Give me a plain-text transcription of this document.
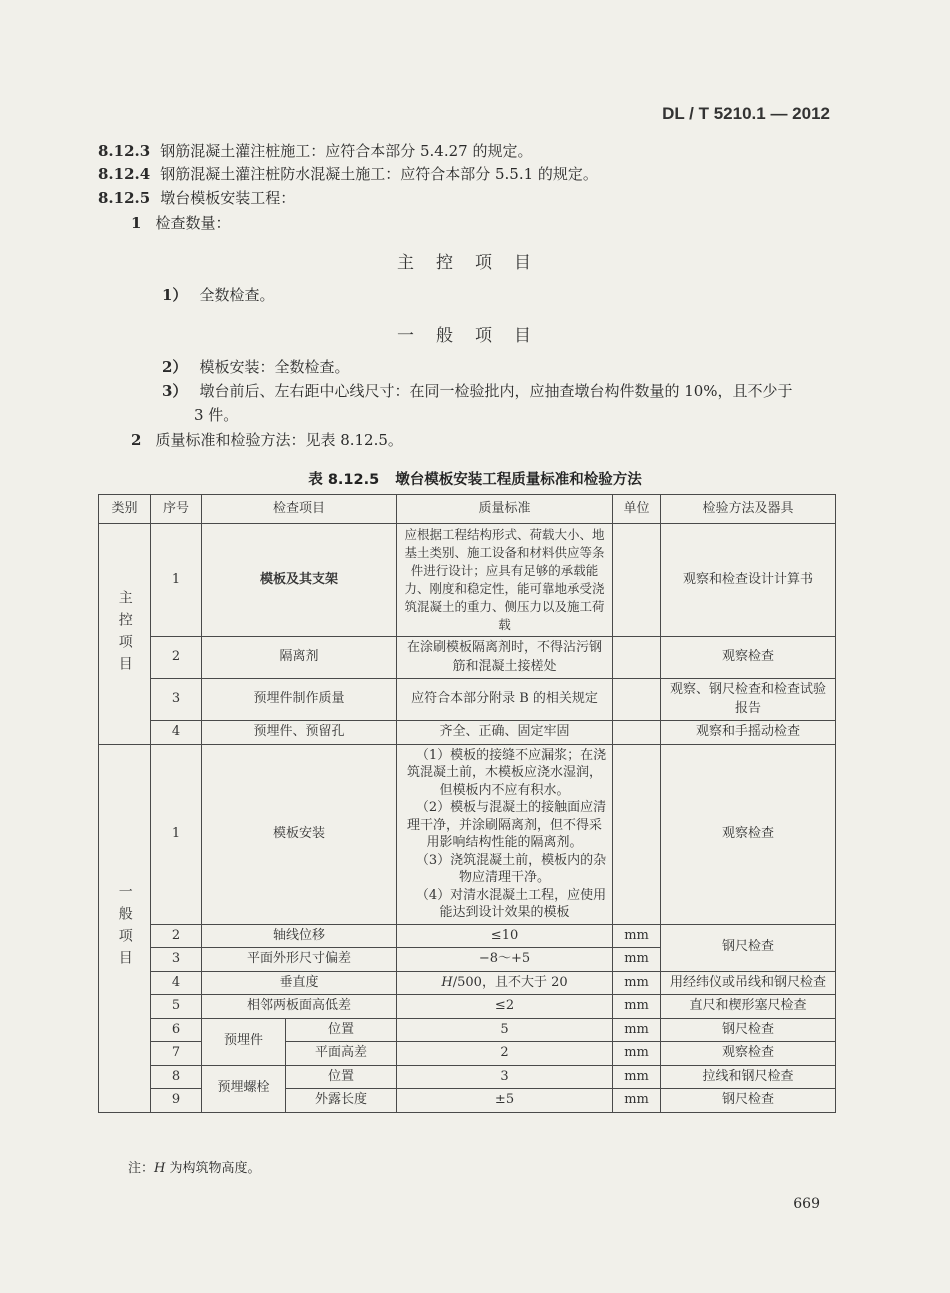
DL / T 5210.1 — 2012
8.12.3 钢筋混凝土灌注桩施工：应符合本部分 5.4.27 的规定。
8.12.4 钢筋混凝土灌注桩防水混凝土施工：应符合本部分 5.5.1 的规定。
8.12.5 墩台模板安装工程：
1 检查数量：
主控项目
1） 全数检查。
一般项目
2） 模板安装：全数检查。
3） 墩台前后、左右距中心线尺寸：在同一检验批内，应抽查墩台构件数量的 10%，且不少于
3 件。
2 质量标准和检验方法：见表 8.12.5。
表 8.12.5 墩台模板安装工程质量标准和检验方法
类别	序号	检查项目		质量标准	单位	检验方法及器具
主控项目	1	模板及其支架		应根据工程结构形式、荷载大小、地基土类别、施工设备和材料供应等条件进行设计；应具有足够的承载能力、刚度和稳定性，能可靠地承受浇筑混凝土的重力、侧压力以及施工荷载		观察和检查设计计算书
	2	隔离剂		在涂刷模板隔离剂时，不得沾污钢筋和混凝土接槎处		观察检查
	3	预埋件制作质量		应符合本部分附录 B 的相关规定		观察、钢尺检查和检查试验报告
	4	预埋件、预留孔		齐全、正确、固定牢固		观察和手摇动检查
一般项目	1	模板安装		（1）模板的接缝不应漏浆；在浇筑混凝土前，木模板应浇水湿润，但模板内不应有积水。
（2）模板与混凝土的接触面应清理干净，并涂刷隔离剂，但不得采用影响结构性能的隔离剂。
（3）浇筑混凝土前，模板内的杂物应清理干净。
（4）对清水混凝土工程，应使用能达到设计效果的模板		观察检查
	2	轴线位移		≤10	mm	钢尺检查
	3	平面外形尺寸偏差		−8～+5	mm	
	4	垂直度		H/500，且不大于 20	mm	用经纬仪或吊线和钢尺检查
	5	相邻两板面高低差		≤2	mm	直尺和楔形塞尺检查
	6	预埋件	位置	5	mm	钢尺检查
	7		平面高差	2	mm	观察检查
	8	预埋螺栓	位置	3	mm	拉线和钢尺检查
	9		外露长度	±5	mm	钢尺检查
注：H 为构筑物高度。
669
